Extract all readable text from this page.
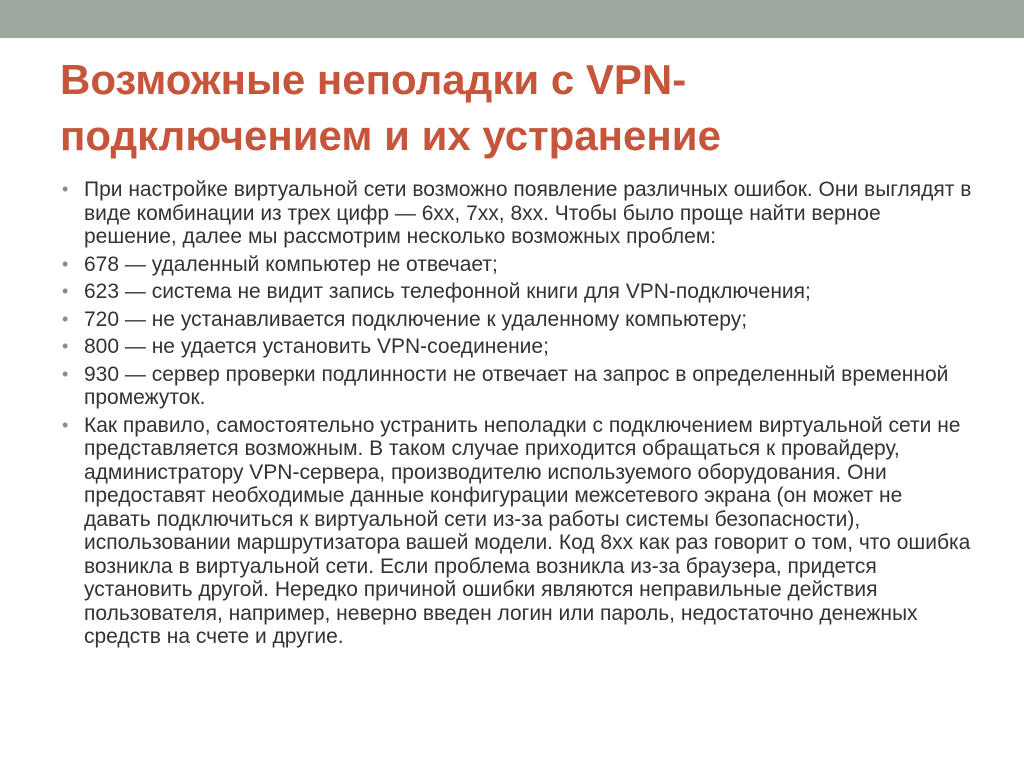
Возможные неполадки с VPN-подключением и их устранение
• При настройке виртуальной сети возможно появление различных ошибок. Они выглядят в виде комбинации из трех цифр — 6xx, 7xx, 8xx. Чтобы было проще найти верное решение, далее мы рассмотрим несколько возможных проблем:
• 678 — удаленный компьютер не отвечает;
• 623 — система не видит запись телефонной книги для VPN-подключения;
• 720 — не устанавливается подключение к удаленному компьютеру;
• 800 — не удается установить VPN-соединение;
• 930 — сервер проверки подлинности не отвечает на запрос в определенный временной промежуток.
• Как правило, самостоятельно устранить неполадки с подключением виртуальной сети не представляется возможным. В таком случае приходится обращаться к провайдеру, администратору VPN-сервера, производителю используемого оборудования. Они предоставят необходимые данные конфигурации межсетевого экрана (он может не давать подключиться к виртуальной сети из-за работы системы безопасности), использовании маршрутизатора вашей модели. Код 8xx как раз говорит о том, что ошибка возникла в виртуальной сети. Если проблема возникла из-за браузера, придется установить другой. Нередко причиной ошибки являются неправильные действия пользователя, например, неверно введен логин или пароль, недостаточно денежных средств на счете и другие.
